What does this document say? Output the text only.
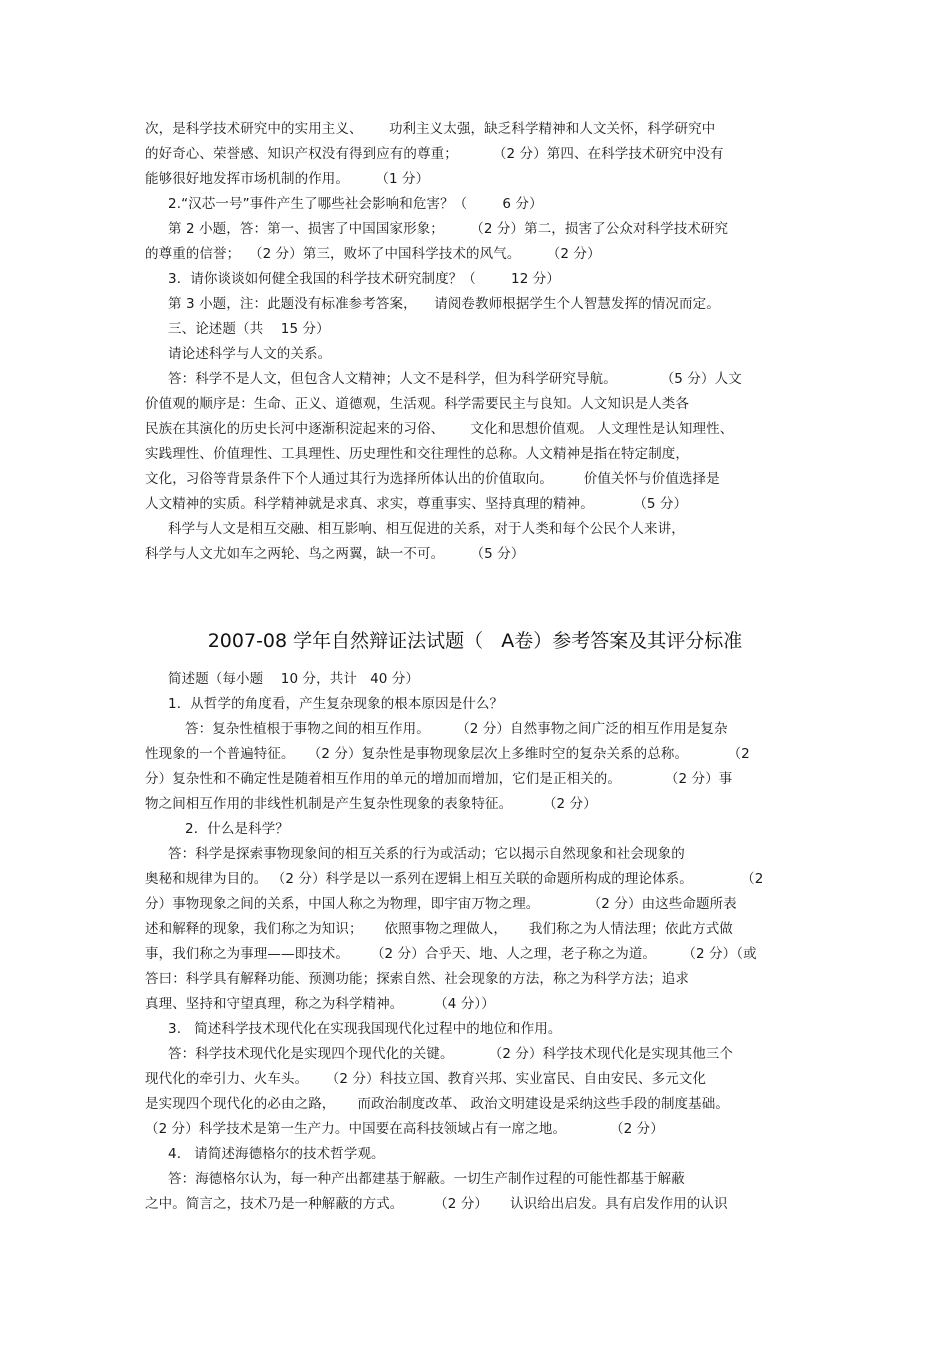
次，是科学技术研究中的实用主义、      功利主义太强，缺乏科学精神和人文关怀，科学研究中
的好奇心、荣誉感、知识产权没有得到应有的尊重；        （2 分）第四、在科学技术研究中没有
能够很好地发挥市场机制的作用。      （1 分）
2.“汉芯一号”事件产生了哪些社会影响和危害？（        6 分）
第 2 小题，答：第一、损害了中国国家形象；      （2 分）第二，损害了公众对科学技术研究
的尊重的信誉；  （2 分）第三，败坏了中国科学技术的风气。      （2 分）
3．请你谈谈如何健全我国的科学技术研究制度？（        12 分）
第 3 小题，注：此题没有标准参考答案，    请阅卷教师根据学生个人智慧发挥的情况而定。
三、论述题（共    15 分）
请论述科学与人文的关系。
答：科学不是人文，但包含人文精神；人文不是科学，但为科学研究导航。          （5 分）人文
价值观的顺序是：生命、正义、道德观，生活观。科学需要民主与良知。人文知识是人类各
民族在其演化的历史长河中逐渐积淀起来的习俗、      文化和思想价值观。 人文理性是认知理性、
实践理性、价值理性、工具理性、历史理性和交往理性的总称。人文精神是指在特定制度，
文化，习俗等背景条件下个人通过其行为选择所体认出的价值取向。       价值关怀与价值选择是
人文精神的实质。科学精神就是求真、求实，尊重事实、坚持真理的精神。         （5 分）
科学与人文是相互交融、相互影响、相互促进的关系，对于人类和每个公民个人来讲，
科学与人文尤如车之两轮、鸟之两翼，缺一不可。      （5 分）
2007-08 学年自然辩证法试题（   A卷）参考答案及其评分标准
简述题（每小题    10 分，共计   40 分）
1．从哲学的角度看，产生复杂现象的根本原因是什么？
答：复杂性植根于事物之间的相互作用。      （2 分）自然事物之间广泛的相互作用是复杂
性现象的一个普遍特征。   （2 分）复杂性是事物现象层次上多维时空的复杂关系的总称。         （2
分）复杂性和不确定性是随着相互作用的单元的增加而增加，它们是正相关的。          （2 分）事
物之间相互作用的非线性机制是产生复杂性现象的表象特征。       （2 分）
2．什么是科学？
答：科学是探索事物现象间的相互关系的行为或活动；它以揭示自然现象和社会现象的
奥秘和规律为目的。 （2 分）科学是以一系列在逻辑上相互关联的命题所构成的理论体系。           （2
分）事物现象之间的关系，中国人称之为物理，即宇宙万物之理。           （2 分）由这些命题所表
述和解释的现象，我们称之为知识；     依照事物之理做人，     我们称之为人情法理；依此方式做
事，我们称之为事理——即技术。     （2 分）合乎天、地、人之理，老子称之为道。      （2 分）（或
答曰：科学具有解释功能、预测功能；探索自然、社会现象的方法，称之为科学方法；追求
真理、坚持和守望真理，称之为科学精神。       （4 分））
3.   简述科学技术现代化在实现我国现代化过程中的地位和作用。
答：科学技术现代化是实现四个现代化的关键。        （2 分）科学技术现代化是实现其他三个
现代化的牵引力、火车头。    （2 分）科技立国、教育兴邦、实业富民、自由安民、多元文化
是实现四个现代化的必由之路，     而政治制度改革、 政治文明建设是采纳这些手段的制度基础。
（2 分）科学技术是第一生产力。中国要在高科技领域占有一席之地。          （2 分）
4.   请简述海德格尔的技术哲学观。
答：海德格尔认为，每一种产出都建基于解蔽。一切生产制作过程的可能性都基于解蔽
之中。简言之，技术乃是一种解蔽的方式。       （2 分）     认识给出启发。具有启发作用的认识
